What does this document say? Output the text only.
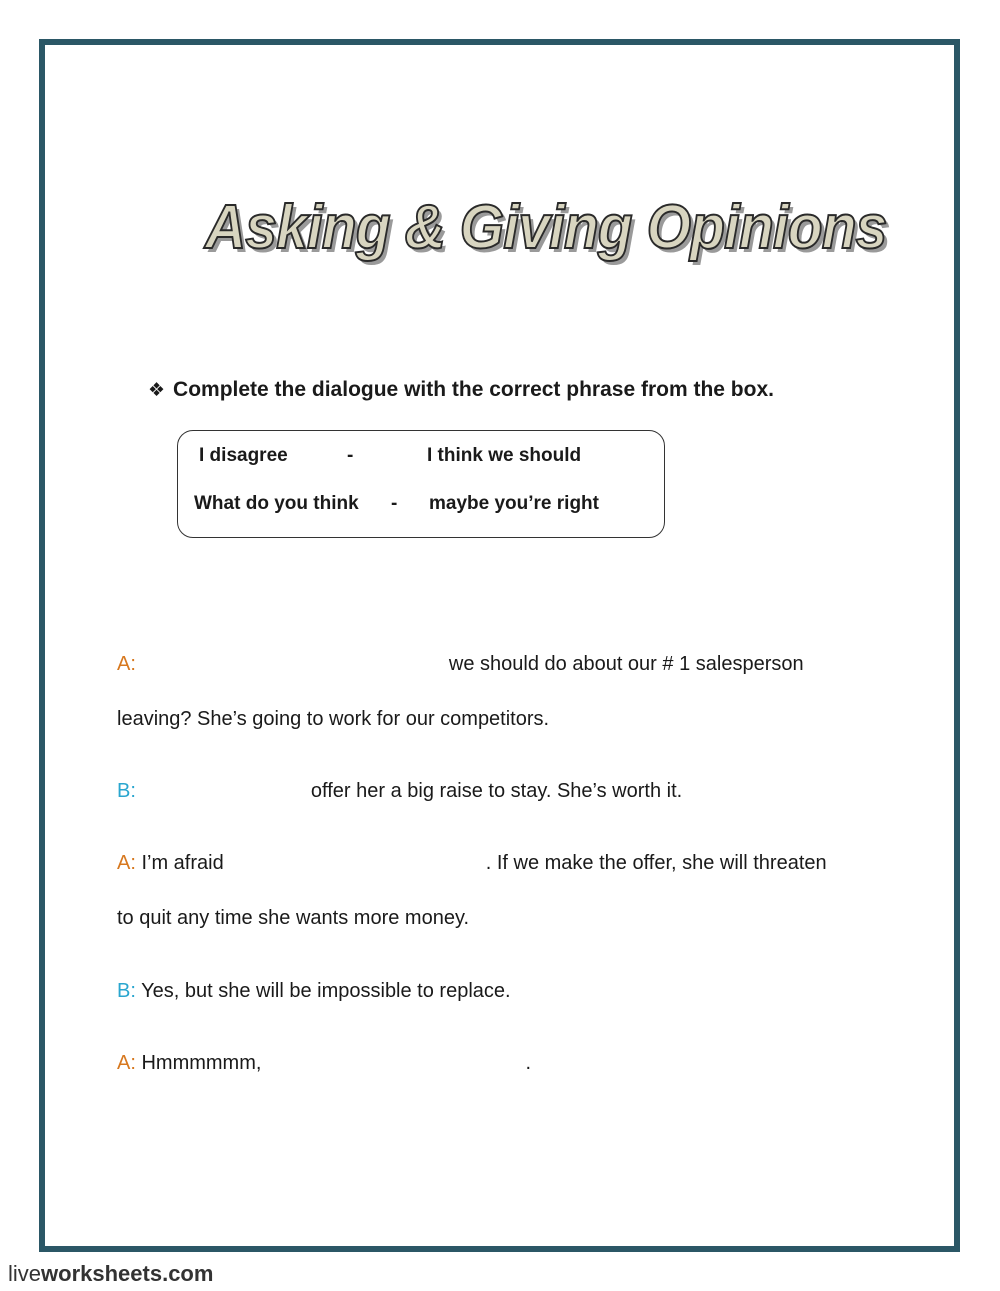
Asking & Giving Opinions
❖ Complete the dialogue with the correct phrase from the box.
I disagree	-	I think we should
What do you think - maybe you’re right
A:	we should do about our # 1 salesperson
leaving? She’s going to work for our competitors.
B:	offer her a big raise to stay. She’s worth it.
A: I’m afraid	. If we make the offer, she will threaten
to quit any time she wants more money.
B: Yes, but she will be impossible to replace.
A: Hmmmmmm,	.
liveworksheets.com
